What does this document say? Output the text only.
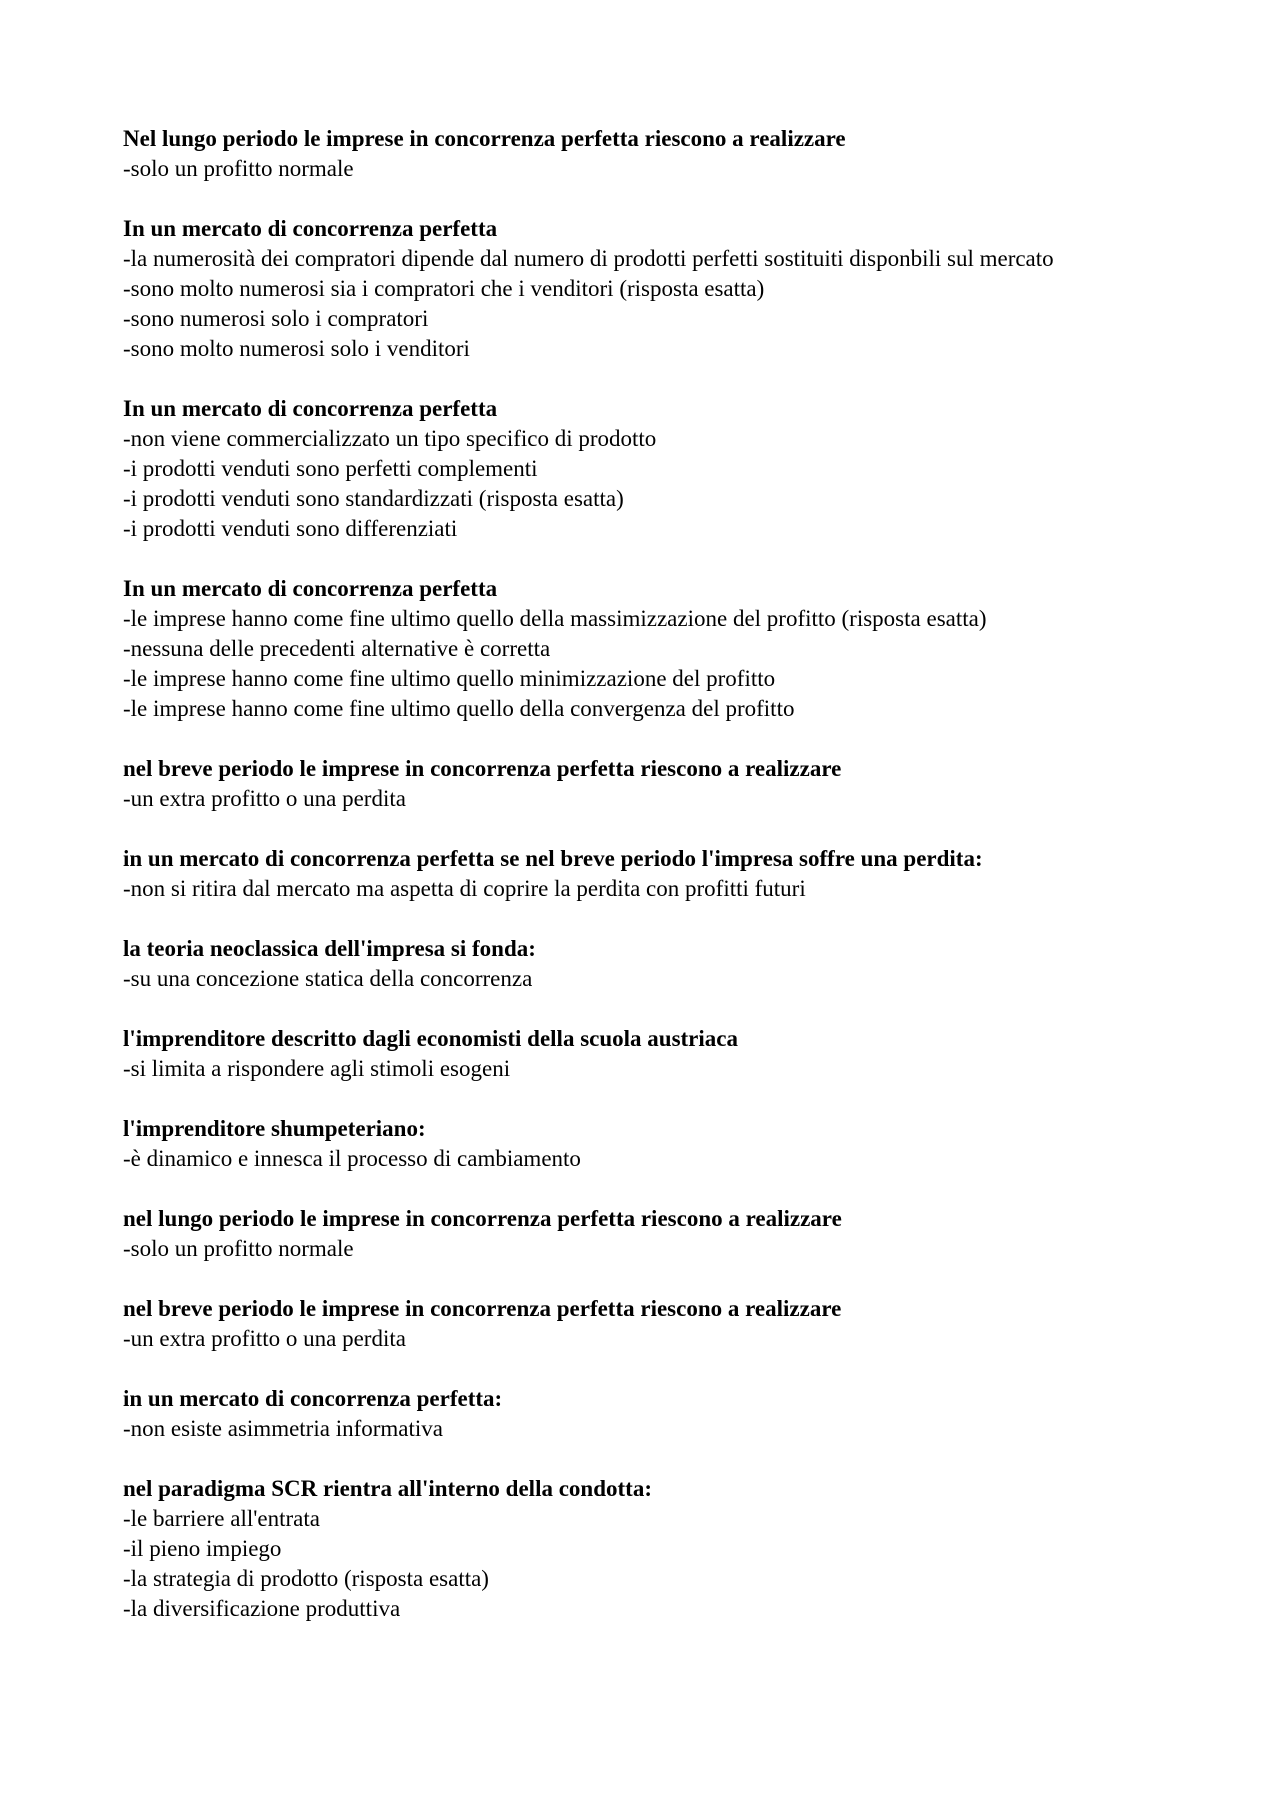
Nel lungo periodo le imprese in concorrenza perfetta riescono a realizzare
-solo un profitto normale
In un mercato di concorrenza perfetta
-la numerosità dei compratori dipende dal numero di prodotti perfetti sostituiti disponbili sul mercato
-sono molto numerosi sia i compratori che i venditori (risposta esatta)
-sono numerosi solo i compratori
-sono molto numerosi solo i venditori
In un mercato di concorrenza perfetta
-non viene commercializzato un tipo specifico di prodotto
-i prodotti venduti sono perfetti complementi
-i prodotti venduti sono standardizzati (risposta esatta)
-i prodotti venduti sono differenziati
In un mercato di concorrenza perfetta
-le imprese hanno come fine ultimo quello della massimizzazione del profitto (risposta esatta)
-nessuna delle precedenti alternative è corretta
-le imprese hanno come fine ultimo quello minimizzazione del profitto
-le imprese hanno come fine ultimo quello della convergenza del profitto
nel breve periodo le imprese in concorrenza perfetta riescono a realizzare
-un extra profitto o una perdita
in un mercato di concorrenza perfetta se nel breve periodo l'impresa soffre una perdita:
-non si ritira dal mercato ma aspetta di coprire la perdita con profitti futuri
la teoria neoclassica dell'impresa si fonda:
-su una concezione statica della concorrenza
l'imprenditore descritto dagli economisti della scuola austriaca
-si limita a rispondere agli stimoli esogeni
l'imprenditore shumpeteriano:
-è dinamico e innesca il processo di cambiamento
nel lungo periodo le imprese in concorrenza perfetta riescono a realizzare
-solo un profitto normale
nel breve periodo le imprese in concorrenza perfetta riescono a realizzare
-un extra profitto o una perdita
in un mercato di concorrenza perfetta:
-non esiste asimmetria informativa
nel paradigma SCR rientra all'interno della condotta:
-le barriere all'entrata
-il pieno impiego
-la strategia di prodotto (risposta esatta)
-la diversificazione produttiva
